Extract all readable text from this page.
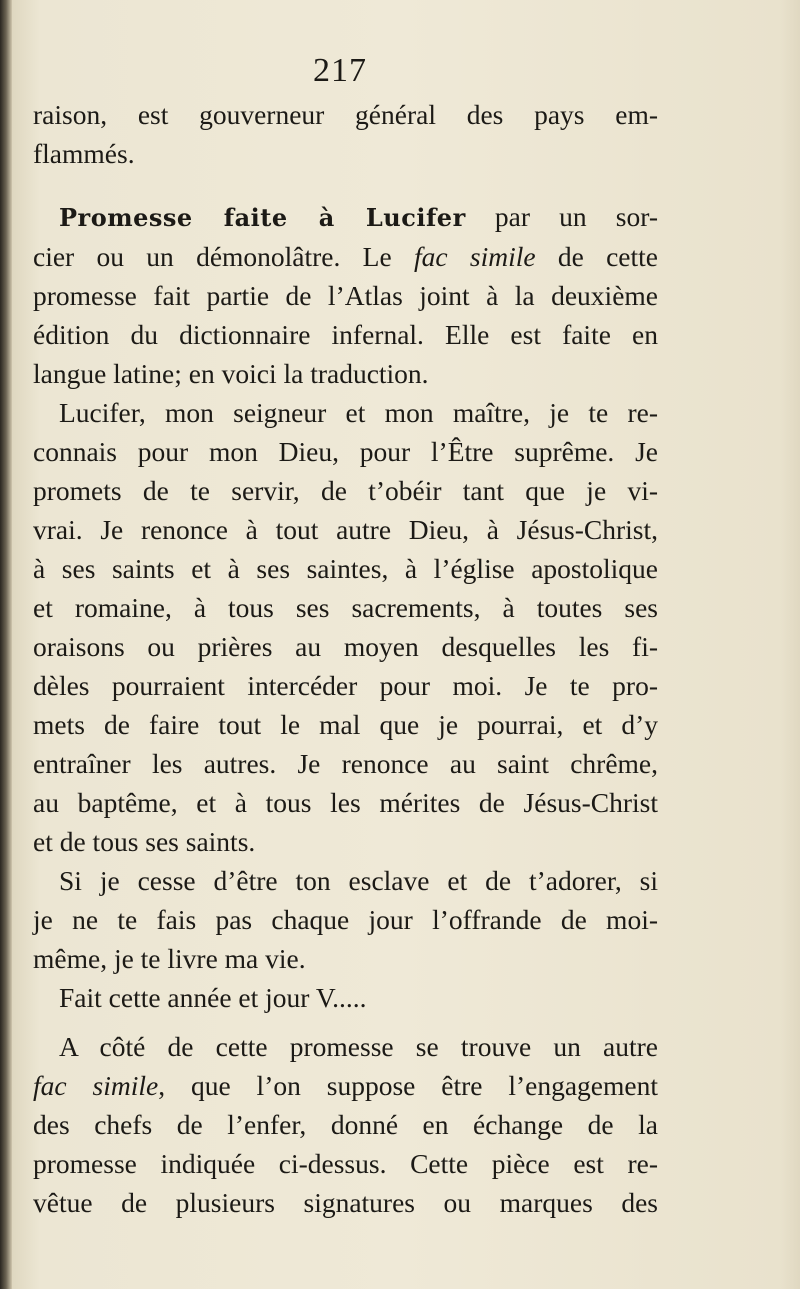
217
raison, est gouverneur général des pays em-
flammés.
Promesse faite à Lucifer par un sor-
cier ou un démonolâtre. Le fac simile de cette
promesse fait partie de l’Atlas joint à la deuxième
édition du dictionnaire infernal. Elle est faite en
langue latine; en voici la traduction.
Lucifer, mon seigneur et mon maître, je te re-
connais pour mon Dieu, pour l’Être suprême. Je
promets de te servir, de t’obéir tant que je vi-
vrai. Je renonce à tout autre Dieu, à Jésus-Christ,
à ses saints et à ses saintes, à l’église apostolique
et romaine, à tous ses sacrements, à toutes ses
oraisons ou prières au moyen desquelles les fi-
dèles pourraient intercéder pour moi. Je te pro-
mets de faire tout le mal que je pourrai, et d’y
entraîner les autres. Je renonce au saint chrême,
au baptême, et à tous les mérites de Jésus-Christ
et de tous ses saints.
Si je cesse d’être ton esclave et de t’adorer, si
je ne te fais pas chaque jour l’offrande de moi-
même, je te livre ma vie.
Fait cette année et jour V.....
A côté de cette promesse se trouve un autre
fac simile, que l’on suppose être l’engagement
des chefs de l’enfer, donné en échange de la
promesse indiquée ci-dessus. Cette pièce est re-
vêtue de plusieurs signatures ou marques des
